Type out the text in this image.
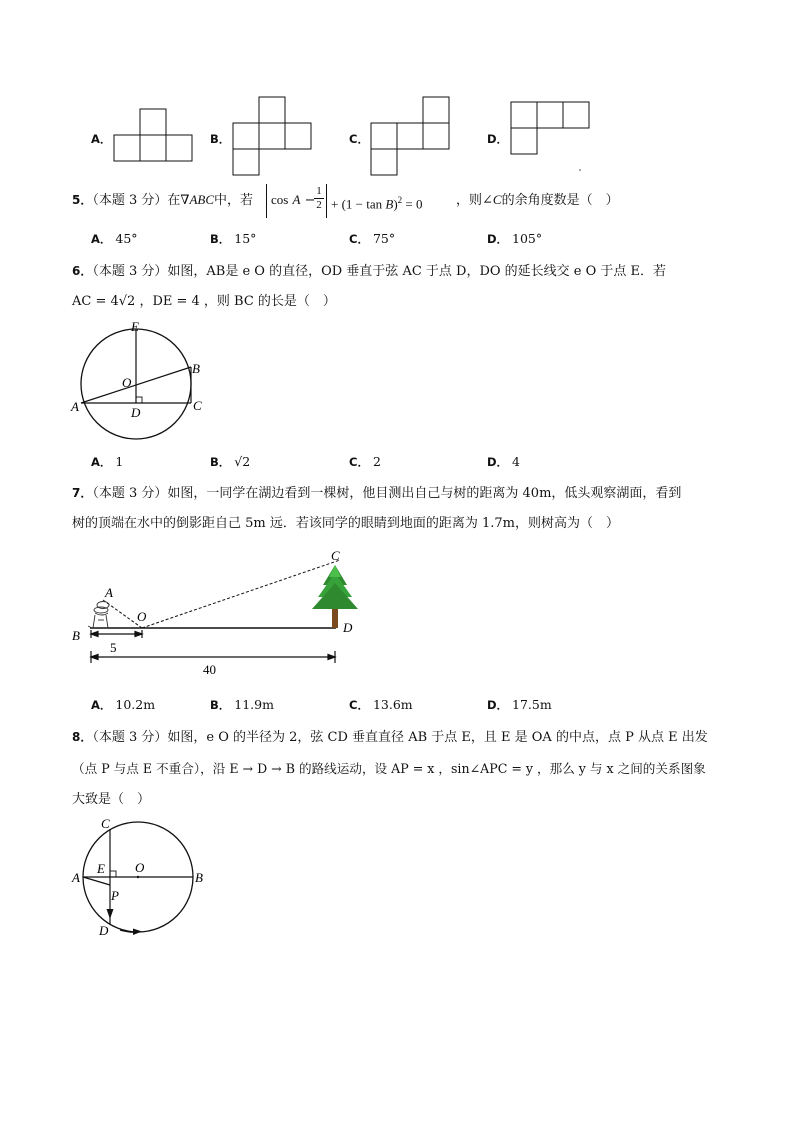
A．	B．	C．	D．
5．（本题 3 分）在∇ABC中，若 cos A −
$\frac{1}{2} + (1 - \tan B)^2 = 0$	，则∠C的余角度数是（　）
A． 45°	B． 15°	C． 75°	D． 105°
6．（本题 3 分）如图，AB是 e O 的直径，OD 垂直于弦 AC 于点 D，DO 的延长线交 e O 于点 E．若
AC = 4√2 ，DE = 4 ，则 BC 的长是（　）
E
O
B
A	D	C
A． 1	B． √2	C． 2	D． 4
7．（本题 3 分）如图，一同学在湖边看到一棵树，他目测出自己与树的距离为 40m，低头观察湖面，看到
树的顶端在水中的倒影距自己 5m 远．若该同学的眼睛到地面的距离为 1.7m，则树高为（　）
A
O
B
C
D
5
40
A． 10.2m	B． 11.9m	C． 13.6m	D． 17.5m
8．（本题 3 分）如图，e O 的半径为 2，弦 CD 垂直直径 AB 于点 E，且 E 是 OA 的中点，点 P 从点 E 出发
（点 P 与点 E 不重合），沿 E → D → B 的路线运动，设 AP = x ，sin∠APC = y ，那么 y 与 x 之间的关系图象
大致是（　）
C
E O
A	B
P
D
